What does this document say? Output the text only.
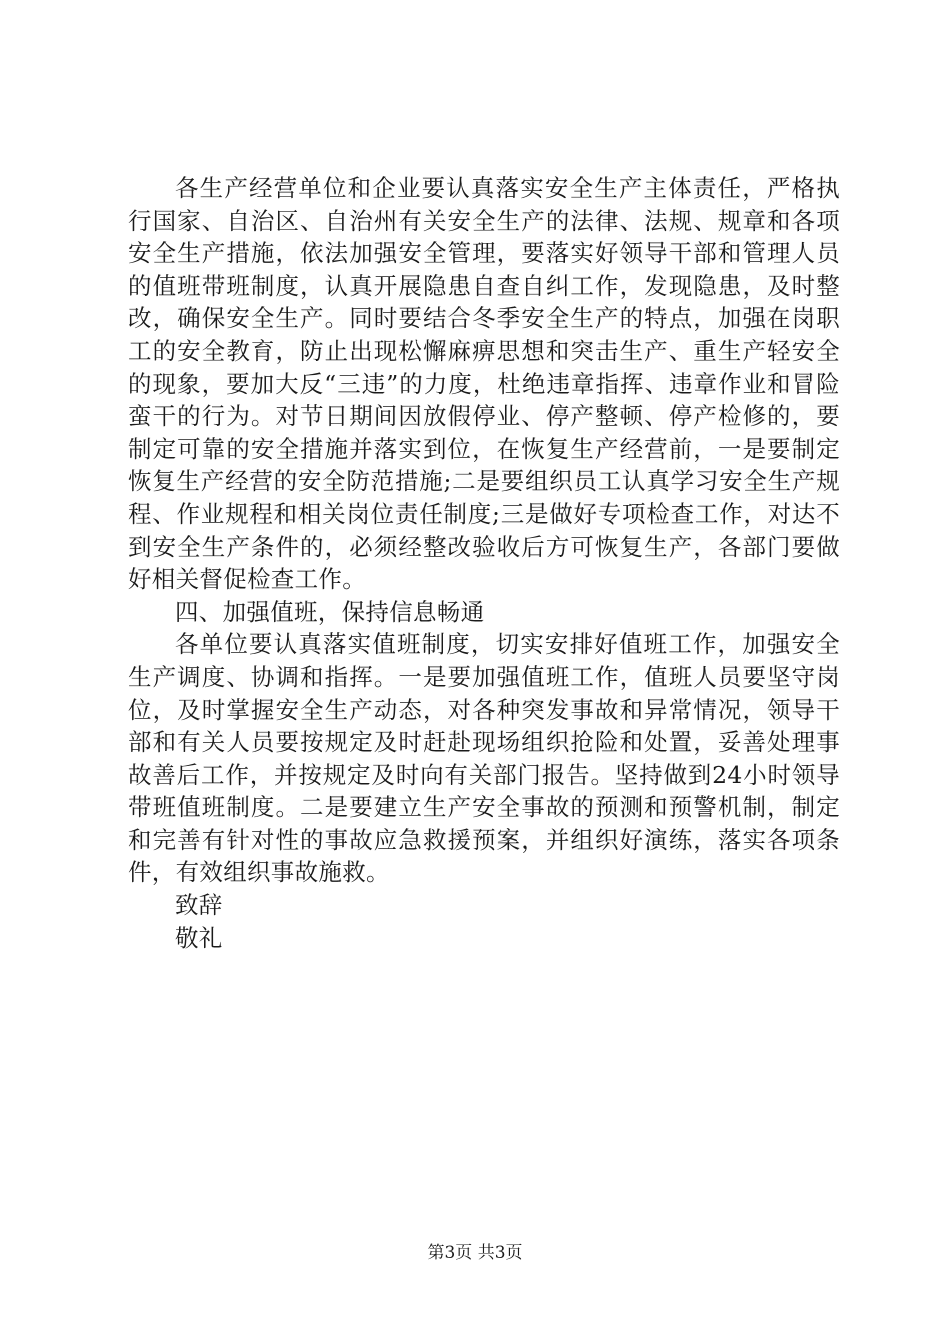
各生产经营单位和企业要认真落实安全生产主体责任，严格执行国家、自治区、自治州有关安全生产的法律、法规、规章和各项安全生产措施，依法加强安全管理，要落实好领导干部和管理人员的值班带班制度，认真开展隐患自查自纠工作，发现隐患，及时整改，确保安全生产。同时要结合冬季安全生产的特点，加强在岗职工的安全教育，防止出现松懈麻痹思想和突击生产、重生产轻安全的现象，要加大反“三违”的力度，杜绝违章指挥、违章作业和冒险蛮干的行为。对节日期间因放假停业、停产整顿、停产检修的，要制定可靠的安全措施并落实到位，在恢复生产经营前，一是要制定恢复生产经营的安全防范措施;二是要组织员工认真学习安全生产规程、作业规程和相关岗位责任制度;三是做好专项检查工作，对达不到安全生产条件的，必须经整改验收后方可恢复生产，各部门要做好相关督促检查工作。

四、加强值班，保持信息畅通

各单位要认真落实值班制度，切实安排好值班工作，加强安全生产调度、协调和指挥。一是要加强值班工作，值班人员要坚守岗位，及时掌握安全生产动态，对各种突发事故和异常情况，领导干部和有关人员要按规定及时赶赴现场组织抢险和处置，妥善处理事故善后工作，并按规定及时向有关部门报告。坚持做到24小时领导带班值班制度。二是要建立生产安全事故的预测和预警机制，制定和完善有针对性的事故应急救援预案，并组织好演练，落实各项条件，有效组织事故施救。

致辞

敬礼

第3页 共3页
